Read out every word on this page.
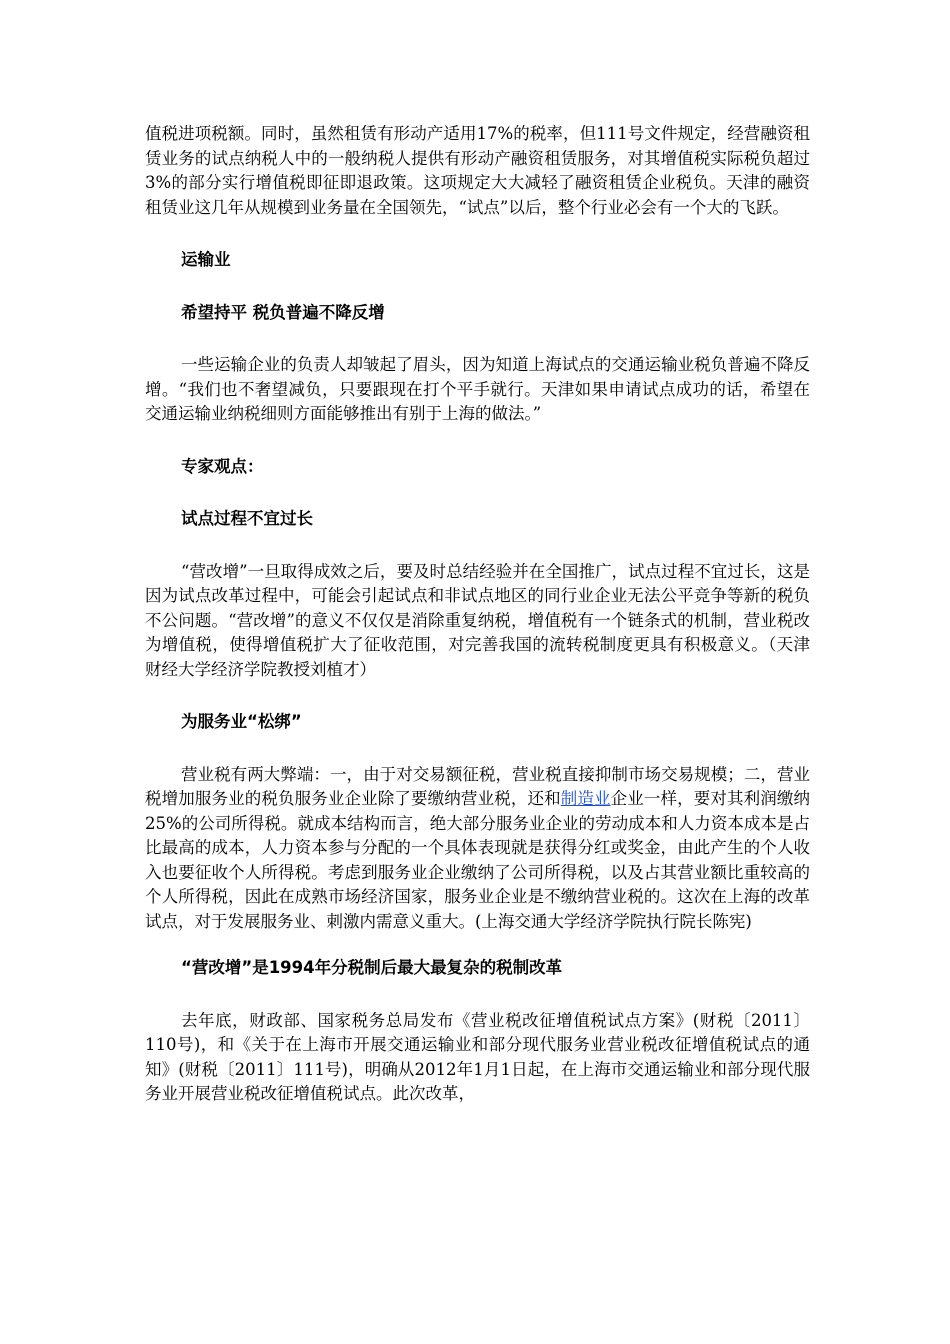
值税进项税额。同时，虽然租赁有形动产适用17%的税率，但111号文件规定，经营融资租赁业务的试点纳税人中的一般纳税人提供有形动产融资租赁服务，对其增值税实际税负超过3%的部分实行增值税即征即退政策。这项规定大大减轻了融资租赁企业税负。天津的融资租赁业这几年从规模到业务量在全国领先，“试点”以后，整个行业必会有一个大的飞跃。

运输业
希望持平 税负普遍不降反增

一些运输企业的负责人却皱起了眉头，因为知道上海试点的交通运输业税负普遍不降反增。“我们也不奢望减负，只要跟现在打个平手就行。天津如果申请试点成功的话，希望在交通运输业纳税细则方面能够推出有别于上海的做法。”

专家观点：
试点过程不宜过长

“营改增”一旦取得成效之后，要及时总结经验并在全国推广，试点过程不宜过长，这是因为试点改革过程中，可能会引起试点和非试点地区的同行业企业无法公平竞争等新的税负不公问题。“营改增”的意义不仅仅是消除重复纳税，增值税有一个链条式的机制，营业税改为增值税，使得增值税扩大了征收范围，对完善我国的流转税制度更具有积极意义。（天津财经大学经济学院教授刘植才）

为服务业“松绑”

营业税有两大弊端：一，由于对交易额征税，营业税直接抑制市场交易规模；二，营业税增加服务业的税负服务业企业除了要缴纳营业税，还和制造业企业一样，要对其利润缴纳25%的公司所得税。就成本结构而言，绝大部分服务业企业的劳动成本和人力资本成本是占比最高的成本，人力资本参与分配的一个具体表现就是获得分红或奖金，由此产生的个人收入也要征收个人所得税。考虑到服务业企业缴纳了公司所得税，以及占其营业额比重较高的个人所得税，因此在成熟市场经济国家，服务业企业是不缴纳营业税的。这次在上海的改革试点，对于发展服务业、刺激内需意义重大。(上海交通大学经济学院执行院长陈宪)

“营改增”是1994年分税制后最大最复杂的税制改革

去年底，财政部、国家税务总局发布《营业税改征增值税试点方案》(财税〔2011〕110号)，和《关于在上海市开展交通运输业和部分现代服务业营业税改征增值税试点的通知》(财税〔2011〕111号)，明确从2012年1月1日起，在上海市交通运输业和部分现代服务业开展营业税改征增值税试点。此次改革，
